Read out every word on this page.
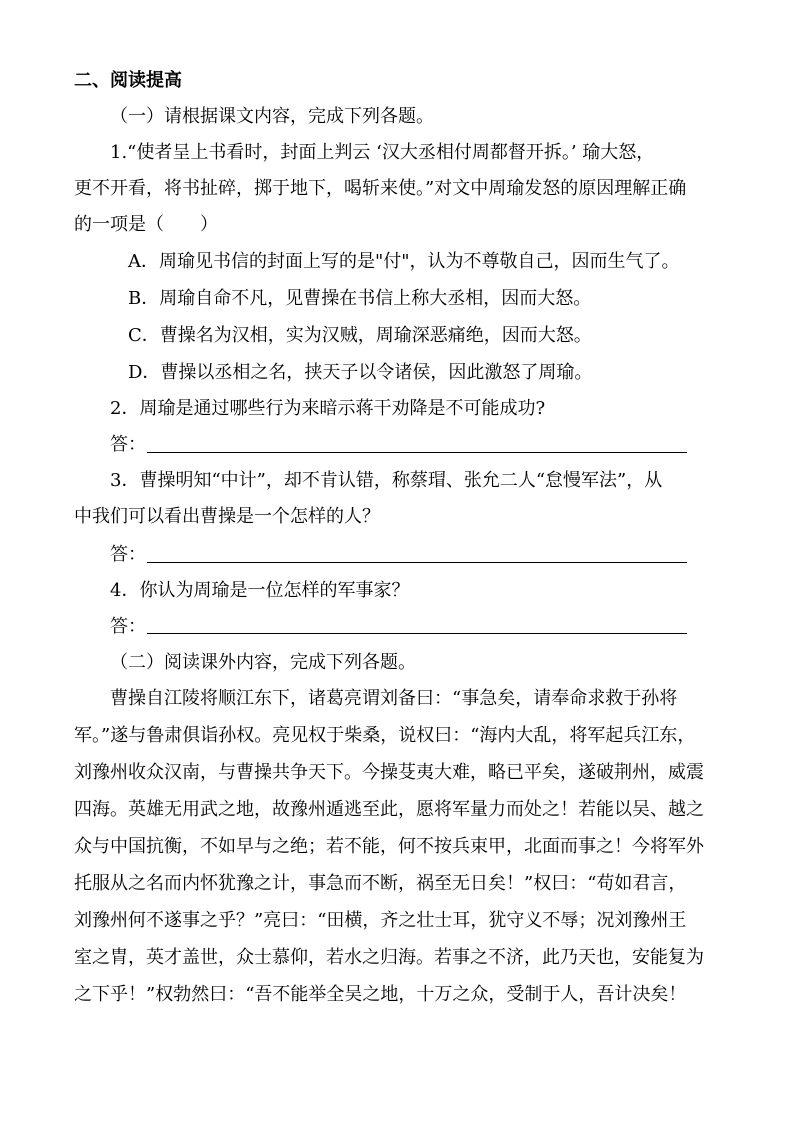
二、阅读提高
（一）请根据课文内容，完成下列各题。
1.“使者呈上书看时，封面上判云 ‘汉大丞相付周都督开拆。’ 瑜大怒，
更不开看，将书扯碎，掷于地下，喝斩来使。”对文中周瑜发怒的原因理解正确
的一项是（　　）
A．周瑜见书信的封面上写的是"付"，认为不尊敬自己，因而生气了。
B．周瑜自命不凡，见曹操在书信上称大丞相，因而大怒。
C．曹操名为汉相，实为汉贼，周瑜深恶痛绝，因而大怒。
D．曹操以丞相之名，挟天子以令诸侯，因此激怒了周瑜。
2．周瑜是通过哪些行为来暗示蒋干劝降是不可能成功?
答：
3．曹操明知“中计”，却不肯认错，称蔡瑁、张允二人“怠慢军法”，从
中我们可以看出曹操是一个怎样的人？
答：
4．你认为周瑜是一位怎样的军事家？
答：
（二）阅读课外内容，完成下列各题。
曹操自江陵将顺江东下，诸葛亮谓刘备曰：“事急矣，请奉命求救于孙将
军。”遂与鲁肃俱诣孙权。亮见权于柴桑，说权曰：“海内大乱，将军起兵江东，
刘豫州收众汉南，与曹操共争天下。今操芟夷大难，略已平矣，遂破荆州，威震
四海。英雄无用武之地，故豫州遁逃至此，愿将军量力而处之！若能以吴、越之
众与中国抗衡，不如早与之绝；若不能，何不按兵束甲，北面而事之！今将军外
托服从之名而内怀犹豫之计，事急而不断，祸至无日矣！”权曰：“苟如君言，
刘豫州何不遂事之乎？”亮曰：“田横，齐之壮士耳，犹守义不辱；况刘豫州王
室之胄，英才盖世，众士慕仰，若水之归海。若事之不济，此乃天也，安能复为
之下乎！”权勃然曰：“吾不能举全吴之地，十万之众，受制于人，吾计决矣！
